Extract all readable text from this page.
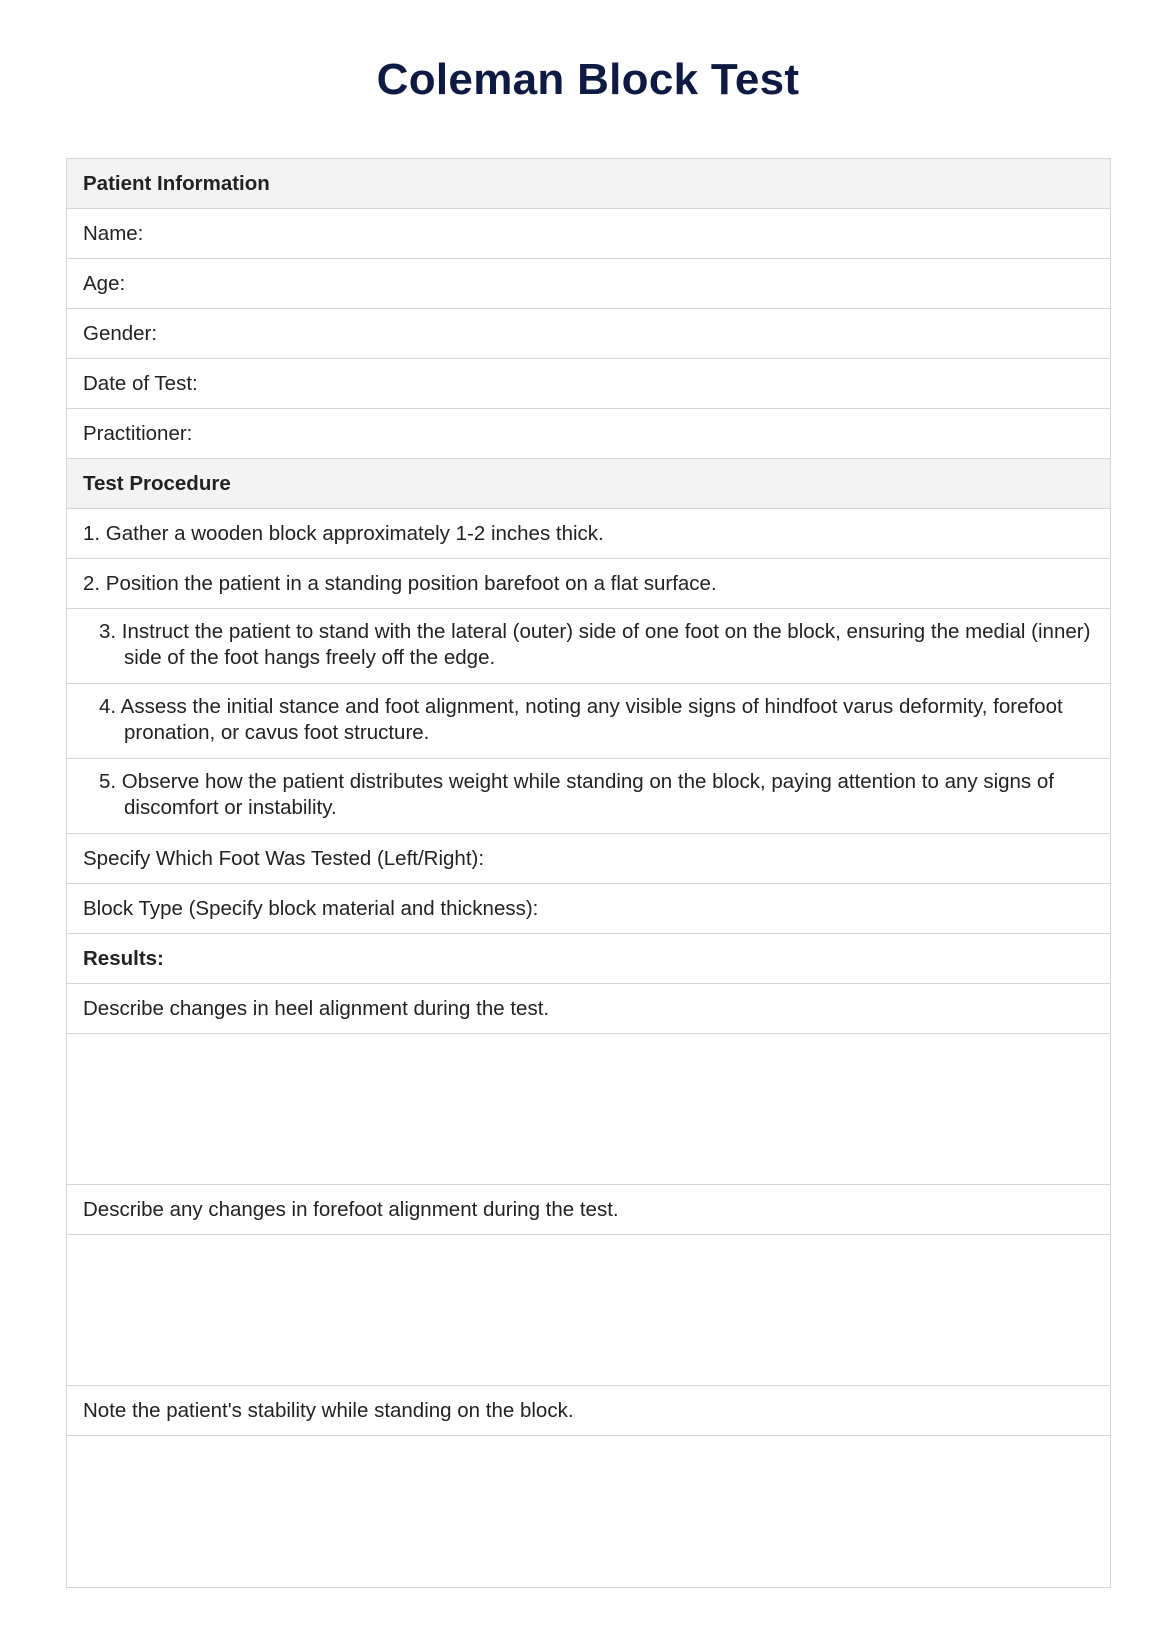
Coleman Block Test
Patient Information
Name:
Age:
Gender:
Date of Test:
Practitioner:
Test Procedure
1. Gather a wooden block approximately 1-2 inches thick.
2. Position the patient in a standing position barefoot on a flat surface.
3. Instruct the patient to stand with the lateral (outer) side of one foot on the block, ensuring the medial (inner) side of the foot hangs freely off the edge.
4. Assess the initial stance and foot alignment, noting any visible signs of hindfoot varus deformity, forefoot pronation, or cavus foot structure.
5. Observe how the patient distributes weight while standing on the block, paying attention to any signs of discomfort or instability.
Specify Which Foot Was Tested (Left/Right):
Block Type (Specify block material and thickness):
Results:
Describe changes in heel alignment during the test.
Describe any changes in forefoot alignment during the test.
Note the patient's stability while standing on the block.
